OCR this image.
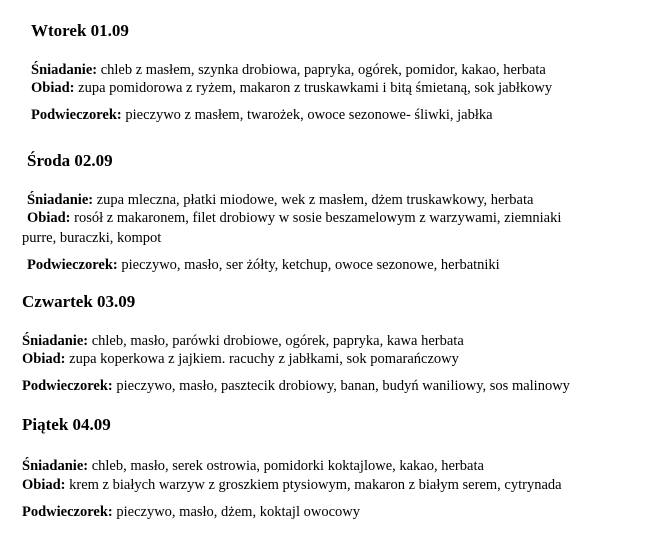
Wtorek 01.09
Śniadanie: chleb z masłem, szynka drobiowa, papryka, ogórek, pomidor, kakao, herbata
Obiad: zupa pomidorowa z ryżem, makaron z truskawkami i bitą śmietaną, sok jabłkowy
Podwieczorek: pieczywo z masłem, twarożek, owoce sezonowe- śliwki, jabłka
Środa 02.09
Śniadanie: zupa mleczna, płatki miodowe, wek z masłem, dżem truskawkowy, herbata
Obiad: rosół z makaronem, filet drobiowy w sosie beszamelowym z warzywami, ziemniaki
purre, buraczki, kompot
Podwieczorek: pieczywo, masło, ser żółty, ketchup, owoce sezonowe, herbatniki
Czwartek 03.09
Śniadanie: chleb, masło, parówki drobiowe, ogórek, papryka, kawa herbata
Obiad: zupa koperkowa z jajkiem. racuchy z jabłkami, sok pomarańczowy
Podwieczorek: pieczywo, masło, pasztecik drobiowy, banan, budyń waniliowy, sos malinowy
Piątek 04.09
Śniadanie: chleb, masło, serek ostrowia, pomidorki koktajlowe, kakao, herbata
Obiad: krem z białych warzyw z groszkiem ptysiowym, makaron z białym serem, cytrynada
Podwieczorek: pieczywo, masło, dżem, koktajl owocowy
